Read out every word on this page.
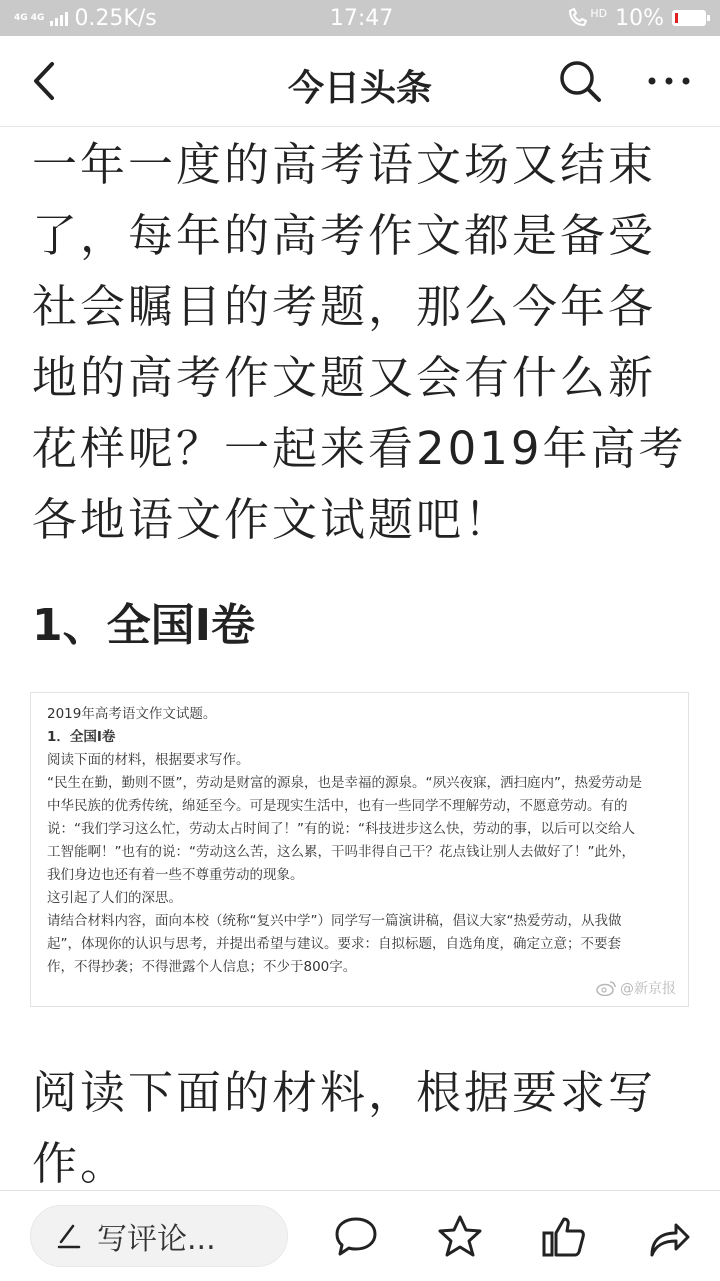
4G 4G 0.25K/s	17:47	HD 10%
今日头条

一年一度的高考语文场又结束了，每年的高考作文都是备受社会瞩目的考题，那么今年各地的高考作文题又会有什么新花样呢？一起来看2019年高考各地语文作文试题吧！

1、全国I卷

2019年高考语文作文试题。

1．全国Ⅰ卷

阅读下面的材料，根据要求写作。

“民生在勤，勤则不匮”，劳动是财富的源泉，也是幸福的源泉。“夙兴夜寐，洒扫庭内”，热爱劳动是

中华民族的优秀传统，绵延至今。可是现实生活中，也有一些同学不理解劳动，不愿意劳动。有的

说：“我们学习这么忙，劳动太占时间了！”有的说：“科技进步这么快，劳动的事，以后可以交给人

工智能啊！”也有的说：“劳动这么苦，这么累，干吗非得自己干？花点钱让别人去做好了！”此外，

我们身边也还有着一些不尊重劳动的现象。

这引起了人们的深思。

请结合材料内容，面向本校（统称“复兴中学”）同学写一篇演讲稿，倡议大家“热爱劳动，从我做

起”，体现你的认识与思考，并提出希望与建议。要求：自拟标题，自选角度，确定立意；不要套

作，不得抄袭；不得泄露个人信息；不少于800字。

@新京报

阅读下面的材料，根据要求写作。

写评论...
